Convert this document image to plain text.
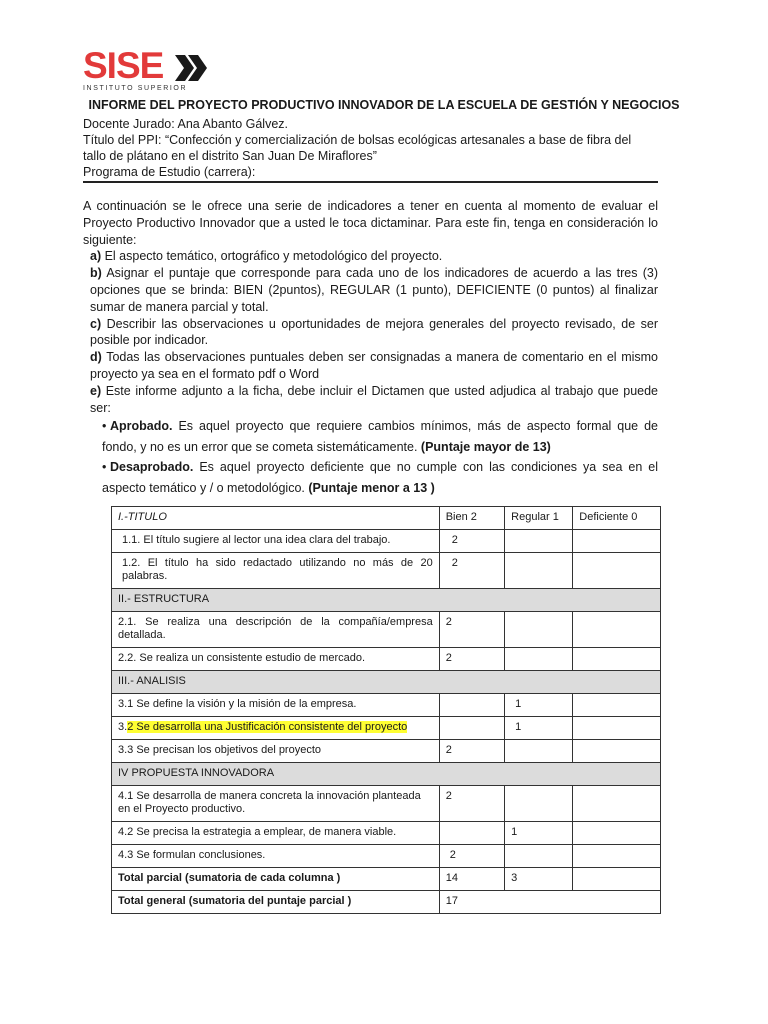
SISE
INSTITUTO SUPERIOR
INFORME DEL PROYECTO PRODUCTIVO INNOVADOR DE LA ESCUELA DE GESTIÓN Y NEGOCIOS
Docente Jurado: Ana Abanto Gálvez.
Título del PPI: “Confección y comercialización de bolsas ecológicas artesanales a base de fibra del
tallo de plátano en el distrito San Juan De Miraflores”
Programa de Estudio (carrera):

A continuación se le ofrece una serie de indicadores a tener en cuenta al momento de evaluar el Proyecto Productivo Innovador que a usted le toca dictaminar. Para este fin, tenga en consideración lo siguiente:

a) El aspecto temático, ortográfico y metodológico del proyecto.

b) Asignar el puntaje que corresponde para cada uno de los indicadores de acuerdo a las tres (3) opciones que se brinda: BIEN (2puntos), REGULAR (1 punto), DEFICIENTE (0 puntos) al finalizar sumar de manera parcial y total.

c) Describir las observaciones u oportunidades de mejora generales del proyecto revisado, de ser posible por indicador.

d) Todas las observaciones puntuales deben ser consignadas a manera de comentario en el mismo proyecto ya sea en el formato pdf o Word

e) Este informe adjunto a la ficha, debe incluir el Dictamen que usted adjudica al trabajo que puede ser:

• Aprobado. Es aquel proyecto que requiere cambios mínimos, más de aspecto formal que de fondo, y no es un error que se cometa sistemáticamente. (Puntaje mayor de 13)
• Desaprobado. Es aquel proyecto deficiente que no cumple con las condiciones ya sea en el aspecto temático y / o metodológico. (Puntaje menor a 13 )
I.-TITULO	Bien 2	Regular 1	Deficiente 0
1.1. El título sugiere al lector una idea clara del trabajo.	2		
1.2. El título ha sido redactado utilizando no más de 20 palabras.	2		
II.- ESTRUCTURA			
2.1. Se realiza una descripción de la compañía/empresa detallada.	2		
2.2. Se realiza un consistente estudio de mercado.	2		
III.- ANALISIS			
3.1 Se define la visión y la misión de la empresa.		1	
3.2 Se desarrolla una Justificación consistente del proyecto		1	
3.3 Se precisan los objetivos del proyecto	2		
IV PROPUESTA INNOVADORA			
4.1 Se desarrolla de manera concreta la innovación planteada en el Proyecto productivo.	2		
4.2 Se precisa la estrategia a emplear, de manera viable.		1	
4.3 Se formulan conclusiones.	2		
Total parcial (sumatoria de cada columna )	14	3	
Total general (sumatoria del puntaje parcial )	17		
